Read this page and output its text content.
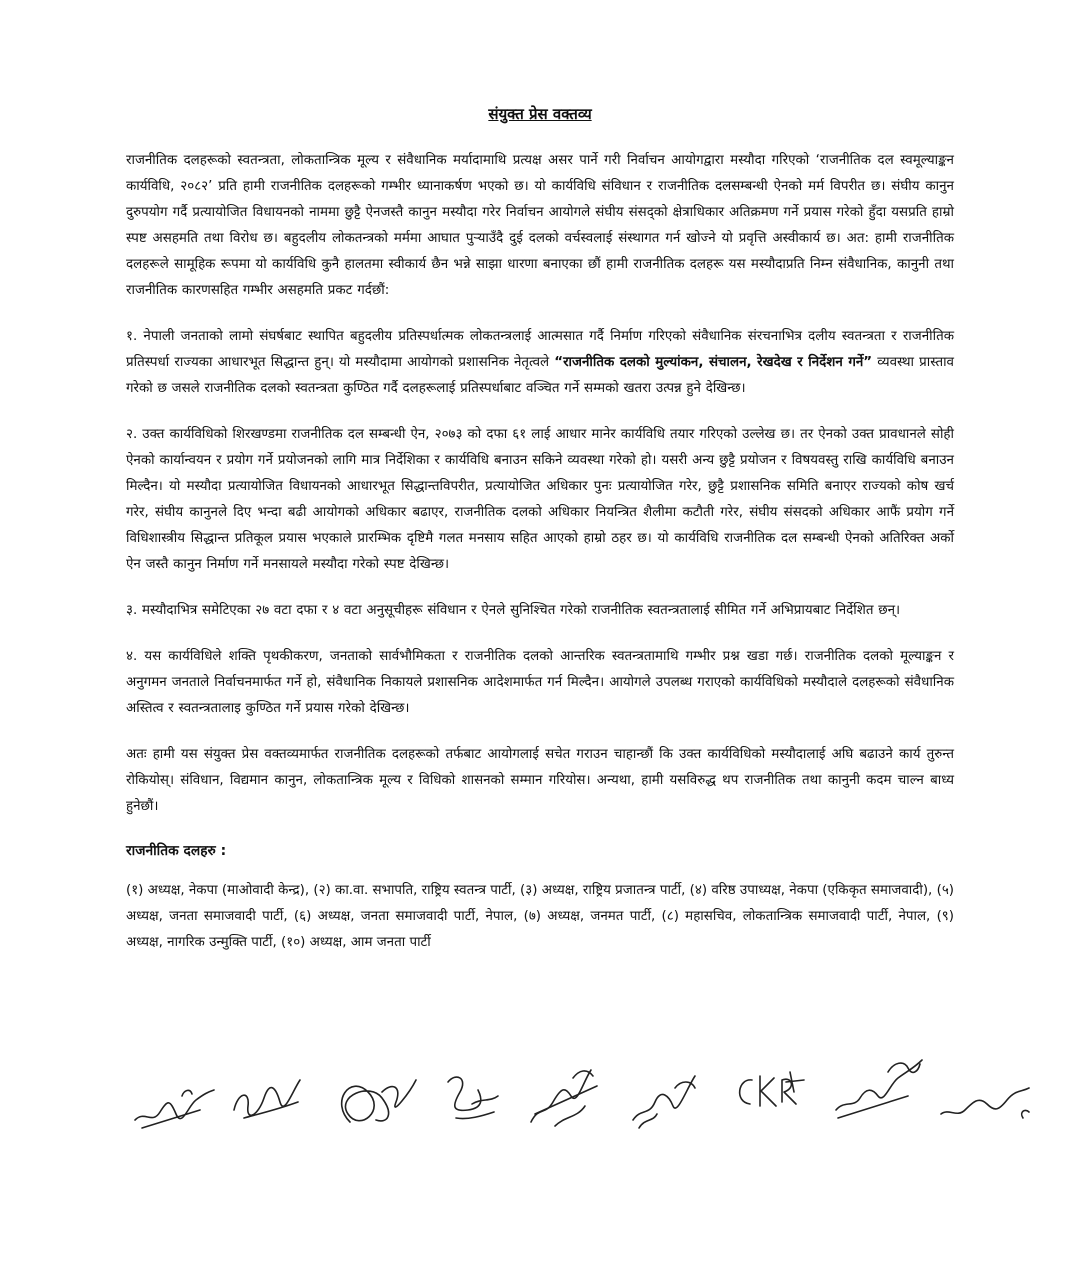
संयुक्त प्रेस वक्तव्य

राजनीतिक दलहरूको स्वतन्त्रता, लोकतान्त्रिक मूल्य र संवैधानिक मर्यादामाथि प्रत्यक्ष असर पार्ने गरी निर्वाचन आयोगद्वारा मस्यौदा गरिएको ‘राजनीतिक दल स्वमूल्याङ्कन कार्यविधि, २०८२’ प्रति हामी राजनीतिक दलहरूको गम्भीर ध्यानाकर्षण भएको छ। यो कार्यविधि संविधान र राजनीतिक दलसम्बन्धी ऐनको मर्म विपरीत छ। संघीय कानुन दुरुपयोग गर्दै प्रत्यायोजित विधायनको नाममा छुट्टै ऐनजस्तै कानुन मस्यौदा गरेर निर्वाचन आयोगले संघीय संसद्‌को क्षेत्राधिकार अतिक्रमण गर्ने प्रयास गरेको हुँदा यसप्रति हाम्रो स्पष्ट असहमति तथा विरोध छ। बहुदलीय लोकतन्त्रको मर्ममा आघात पुऱ्याउँदै दुई दलको वर्चस्वलाई संस्थागत गर्न खोज्ने यो प्रवृत्ति अस्वीकार्य छ। अत: हामी राजनीतिक दलहरूले सामूहिक रूपमा यो कार्यविधि कुनै हालतमा स्वीकार्य छैन भन्ने साझा धारणा बनाएका छौं हामी राजनीतिक दलहरू यस मस्यौदाप्रति निम्न संवैधानिक, कानुनी तथा राजनीतिक कारणसहित गम्भीर असहमति प्रकट गर्दछौं:

१. नेपाली जनताको लामो संघर्षबाट स्थापित बहुदलीय प्रतिस्पर्धात्मक लोकतन्त्रलाई आत्मसात गर्दै निर्माण गरिएको संवैधानिक संरचनाभित्र दलीय स्वतन्त्रता र राजनीतिक प्रतिस्पर्धा राज्यका आधारभूत सिद्धान्त हुन्। यो मस्यौदामा आयोगको प्रशासनिक नेतृत्वले “राजनीतिक दलको मुल्यांकन, संचालन, रेखदेख र निर्देशन गर्ने” व्यवस्था प्रास्ताव गरेको छ जसले राजनीतिक दलको स्वतन्त्रता कुण्ठित गर्दै दलहरूलाई प्रतिस्पर्धाबाट वञ्चित गर्ने सम्मको खतरा उत्पन्न हुने देखिन्छ।

२. उक्त कार्यविधिको शिरखण्डमा राजनीतिक दल सम्बन्धी ऐन, २०७३ को दफा ६१ लाई आधार मानेर कार्यविधि तयार गरिएको उल्लेख छ। तर ऐनको उक्त प्रावधानले सोही ऐनको कार्यान्वयन र प्रयोग गर्ने प्रयोजनको लागि मात्र निर्देशिका र कार्यविधि बनाउन सकिने व्यवस्था गरेको हो। यसरी अन्य छुट्टै प्रयोजन र विषयवस्तु राखि कार्यविधि बनाउन मिल्दैन। यो मस्यौदा प्रत्यायोजित विधायनको आधारभूत सिद्धान्तविपरीत, प्रत्यायोजित अधिकार पुनः प्रत्यायोजित गरेर, छुट्टै प्रशासनिक समिति बनाएर राज्यको कोष खर्च गरेर, संघीय कानुनले दिए भन्दा बढी आयोगको अधिकार बढाएर, राजनीतिक दलको अधिकार नियन्त्रित शैलीमा कटौती गरेर, संघीय संसदको अधिकार आफैं प्रयोग गर्ने विधिशास्त्रीय सिद्धान्त प्रतिकूल प्रयास भएकाले प्रारम्भिक दृष्टिमै गलत मनसाय सहित आएको हाम्रो ठहर छ। यो कार्यविधि राजनीतिक दल सम्बन्धी ऐनको अतिरिक्त अर्को ऐन जस्तै कानुन निर्माण गर्ने मनसायले मस्यौदा गरेको स्पष्ट देखिन्छ।

३. मस्यौदाभित्र समेटिएका २७ वटा दफा र ४ वटा अनुसूचीहरू संविधान र ऐनले सुनिश्चित गरेको राजनीतिक स्वतन्त्रतालाई सीमित गर्ने अभिप्रायबाट निर्देशित छन्।

४. यस कार्यविधिले शक्ति पृथकीकरण, जनताको सार्वभौमिकता र राजनीतिक दलको आन्तरिक स्वतन्त्रतामाथि गम्भीर प्रश्न खडा गर्छ। राजनीतिक दलको मूल्याङ्कन र अनुगमन जनताले निर्वाचनमार्फत गर्ने हो, संवैधानिक निकायले प्रशासनिक आदेशमार्फत गर्न मिल्दैन। आयोगले उपलब्ध गराएको कार्यविधिको मस्यौदाले दलहरूको संवैधानिक अस्तित्व र स्वतन्त्रतालाइ कुण्ठित गर्ने प्रयास गरेको देखिन्छ।

अतः हामी यस संयुक्त प्रेस वक्तव्यमार्फत राजनीतिक दलहरूको तर्फबाट आयोगलाई सचेत गराउन चाहान्छौं कि उक्त कार्यविधिको मस्यौदालाई अघि बढाउने कार्य तुरुन्त रोकियोस्। संविधान, विद्यमान कानुन, लोकतान्त्रिक मूल्य र विधिको शासनको सम्मान गरियोस। अन्यथा, हामी यसविरुद्ध थप राजनीतिक तथा कानुनी कदम चाल्न बाध्य हुनेछौं।

राजनीतिक दलहरु :

(१) अध्यक्ष, नेकपा (माओवादी केन्द्र), (२) का.वा. सभापति, राष्ट्रिय स्वतन्त्र पार्टी, (३) अध्यक्ष, राष्ट्रिय प्रजातन्त्र पार्टी, (४) वरिष्ठ उपाध्यक्ष, नेकपा (एकिकृत समाजवादी), (५) अध्यक्ष, जनता समाजवादी पार्टी, (६) अध्यक्ष, जनता समाजवादी पार्टी, नेपाल, (७) अध्यक्ष, जनमत पार्टी, (८) महासचिव, लोकतान्त्रिक समाजवादी पार्टी, नेपाल, (९) अध्यक्ष, नागरिक उन्मुक्ति पार्टी, (१०) अध्यक्ष, आम जनता पार्टी
